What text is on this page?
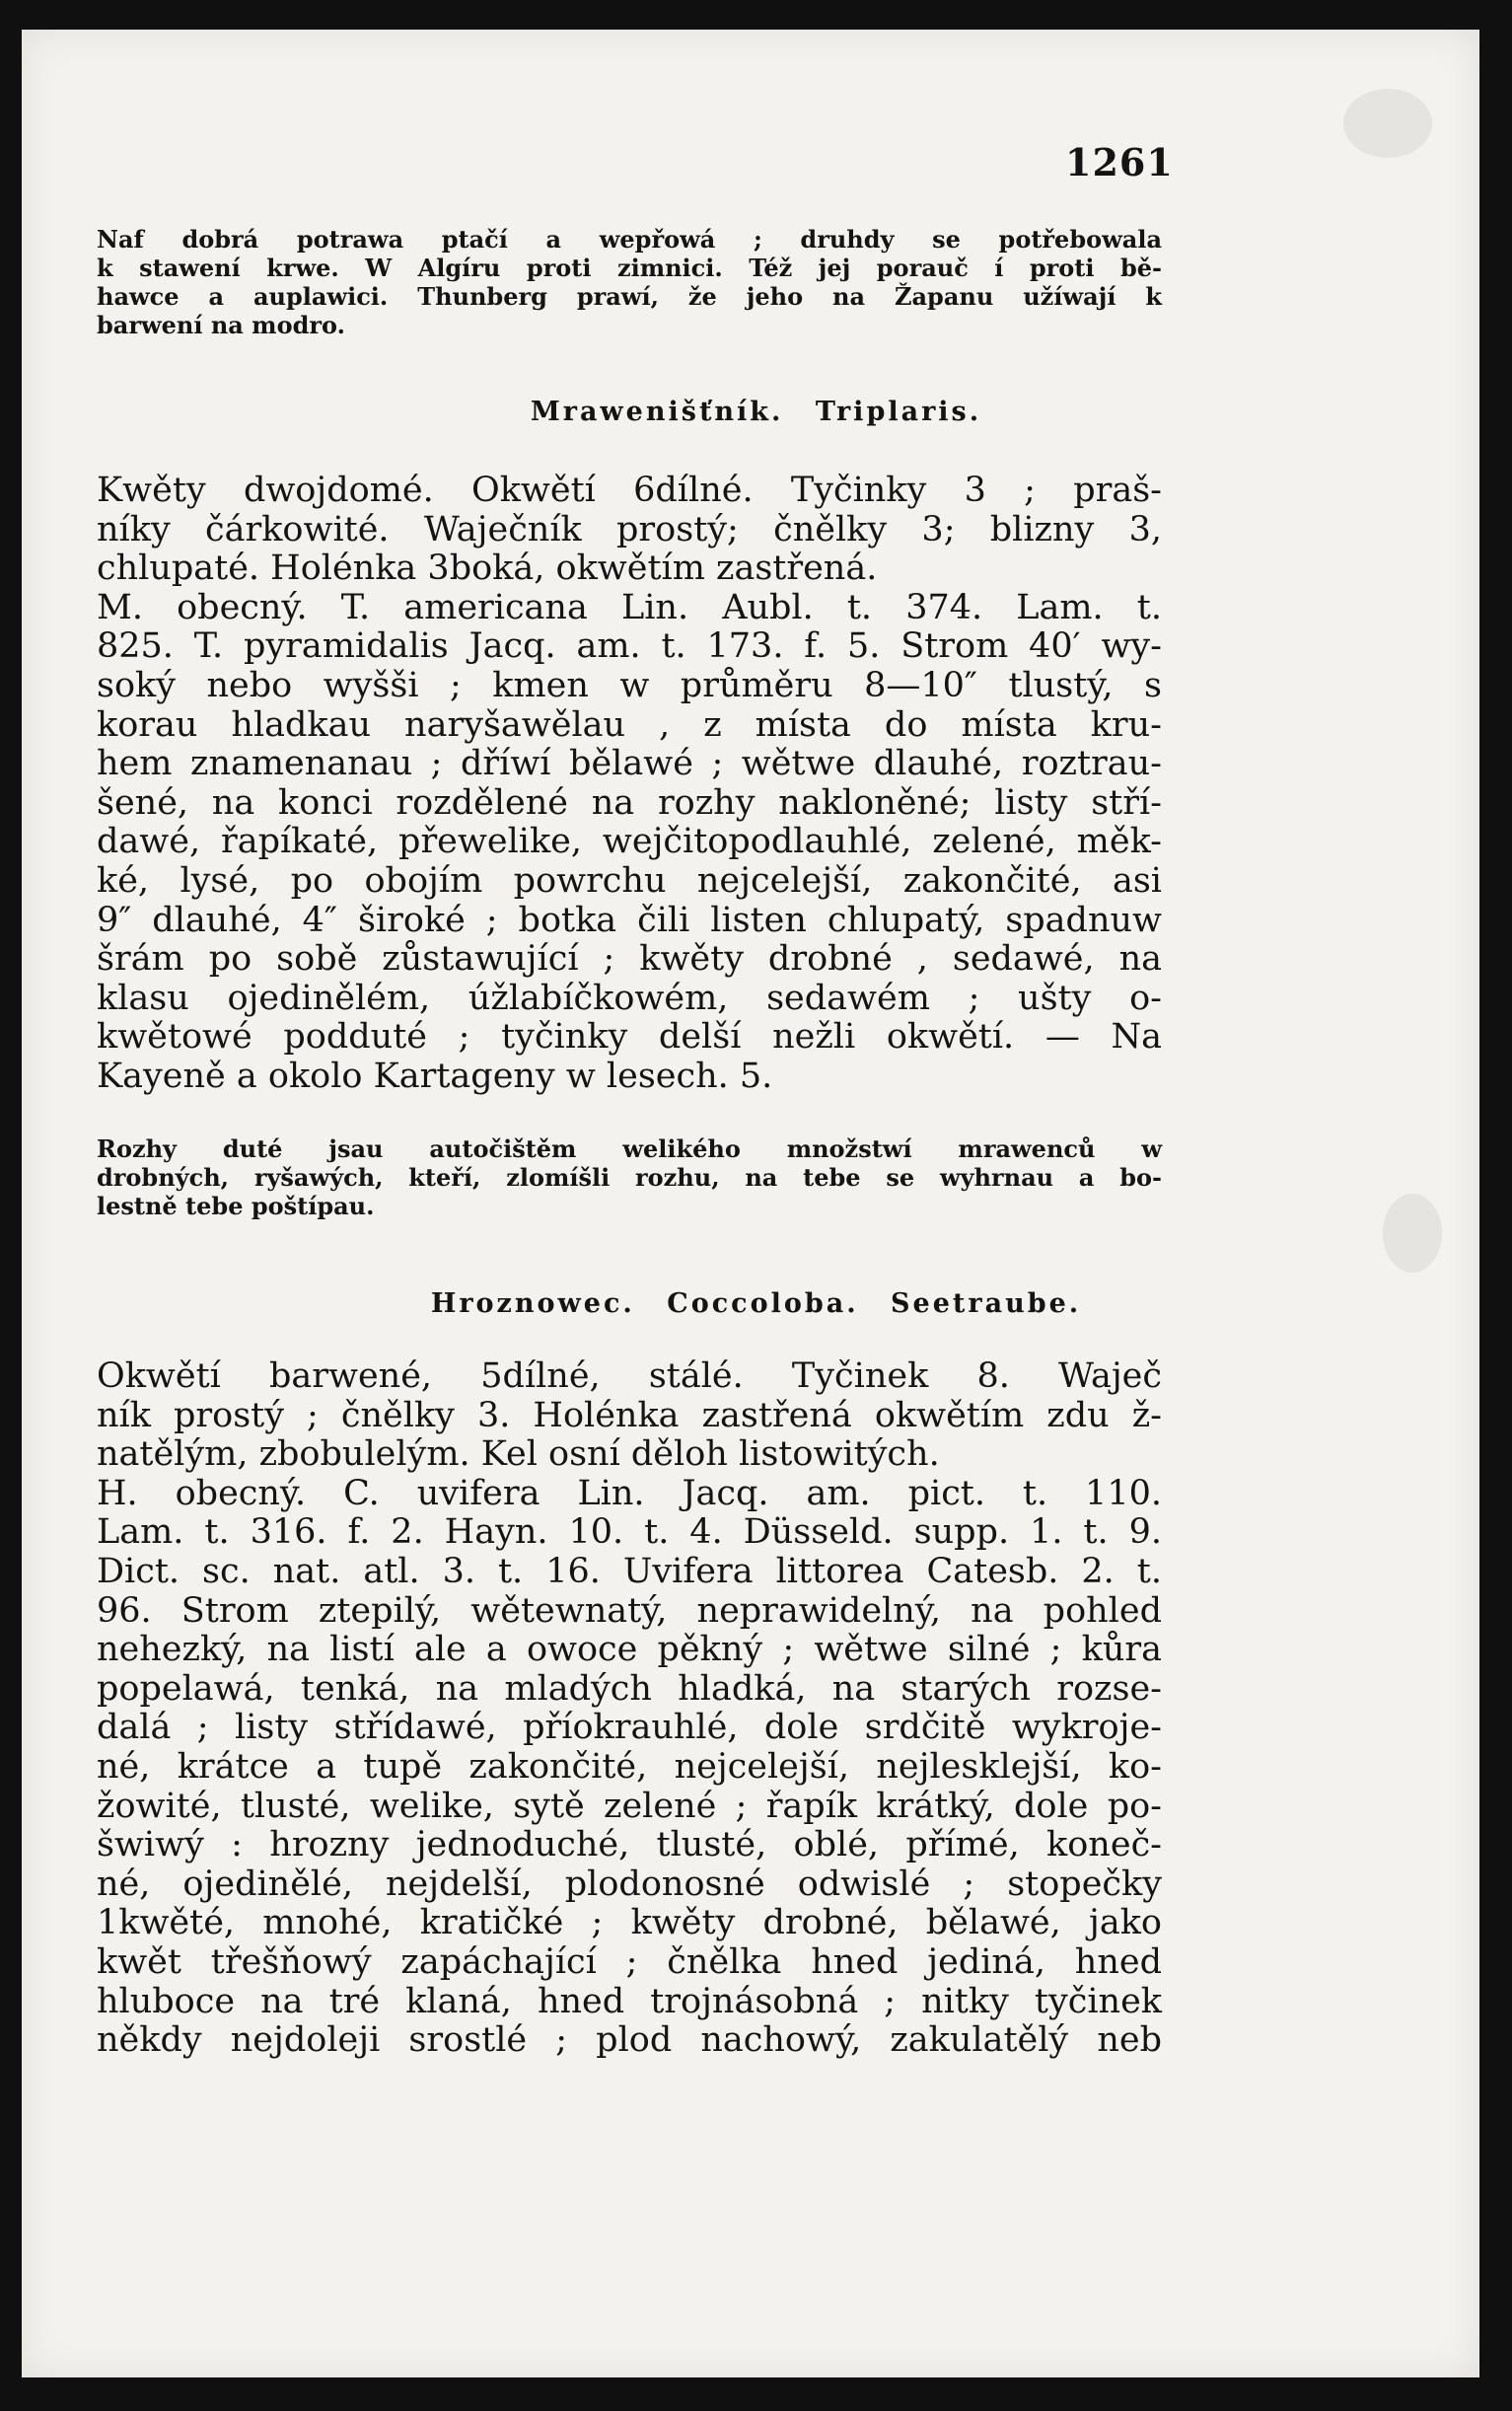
1261
Naf dobrá potrawa ptačí a wepřowá ; druhdy se potřebowala
k stawení krwe. W Algíru proti zimnici. Též jej porauč í proti bě-
hawce a auplawici. Thunberg prawí, že jeho na Žapanu užíwají k
barwení na modro.
Mrawenišťník. Triplaris.
Kwěty dwojdomé. Okwětí 6dílné. Tyčinky 3 ; praš-
níky čárkowité. Waječník prostý; čnělky 3; blizny 3,
chlupaté. Holénka 3boká, okwětím zastřená.
M. obecný. T. americana Lin. Aubl. t. 374. Lam. t.
825. T. pyramidalis Jacq. am. t. 173. f. 5. Strom 40′ wy-
soký nebo wyšši ; kmen w průměru 8—10″ tlustý, s
korau hladkau naryšawělau , z místa do místa kru-
hem znamenanau ; dříwí bělawé ; wětwe dlauhé, roztrau-
šené, na konci rozdělené na rozhy nakloněné; listy stří-
dawé, řapíkaté, přewelike, wejčitopodlauhlé, zelené, měk-
ké, lysé, po obojím powrchu nejcelejší, zakončité, asi
9″ dlauhé, 4″ široké ; botka čili listen chlupatý, spadnuw
šrám po sobě zůstawující ; kwěty drobné , sedawé, na
klasu ojedinělém, úžlabíčkowém, sedawém ; ušty o-
kwětowé podduté ; tyčinky delší nežli okwětí. — Na
Kayeně a okolo Kartageny w lesech. 5.
Rozhy duté jsau autočištěm welikého množstwí mrawenců w
drobných, ryšawých, kteří, zlomíšli rozhu, na tebe se wyhrnau a bo-
lestně tebe poštípau.
Hroznowec. Coccoloba. Seetraube.
Okwětí barwené, 5dílné, stálé. Tyčinek 8. Waječ
ník prostý ; čnělky 3. Holénka zastřená okwětím zdu ž-
natělým, zbobulelým. Kel osní děloh listowitých.
H. obecný. C. uvifera Lin. Jacq. am. pict. t. 110.
Lam. t. 316. f. 2. Hayn. 10. t. 4. Düsseld. supp. 1. t. 9.
Dict. sc. nat. atl. 3. t. 16. Uvifera littorea Catesb. 2. t.
96. Strom ztepilý, wětewnatý, neprawidelný, na pohled
nehezký, na listí ale a owoce pěkný ; wětwe silné ; kůra
popelawá, tenká, na mladých hladká, na starých rozse-
dalá ; listy střídawé, příokrauhlé, dole srdčitě wykroje-
né, krátce a tupě zakončité, nejcelejší, nejlesklejší, ko-
žowité, tlusté, welike, sytě zelené ; řapík krátký, dole po-
šwiwý : hrozny jednoduché, tlusté, oblé, přímé, koneč-
né, ojedinělé, nejdelší, plodonosné odwislé ; stopečky
1kwěté, mnohé, kratičké ; kwěty drobné, bělawé, jako
kwět třešňowý zapáchající ; čnělka hned jediná, hned
hluboce na tré klaná, hned trojnásobná ; nitky tyčinek
někdy nejdoleji srostlé ; plod nachowý, zakulatělý neb
